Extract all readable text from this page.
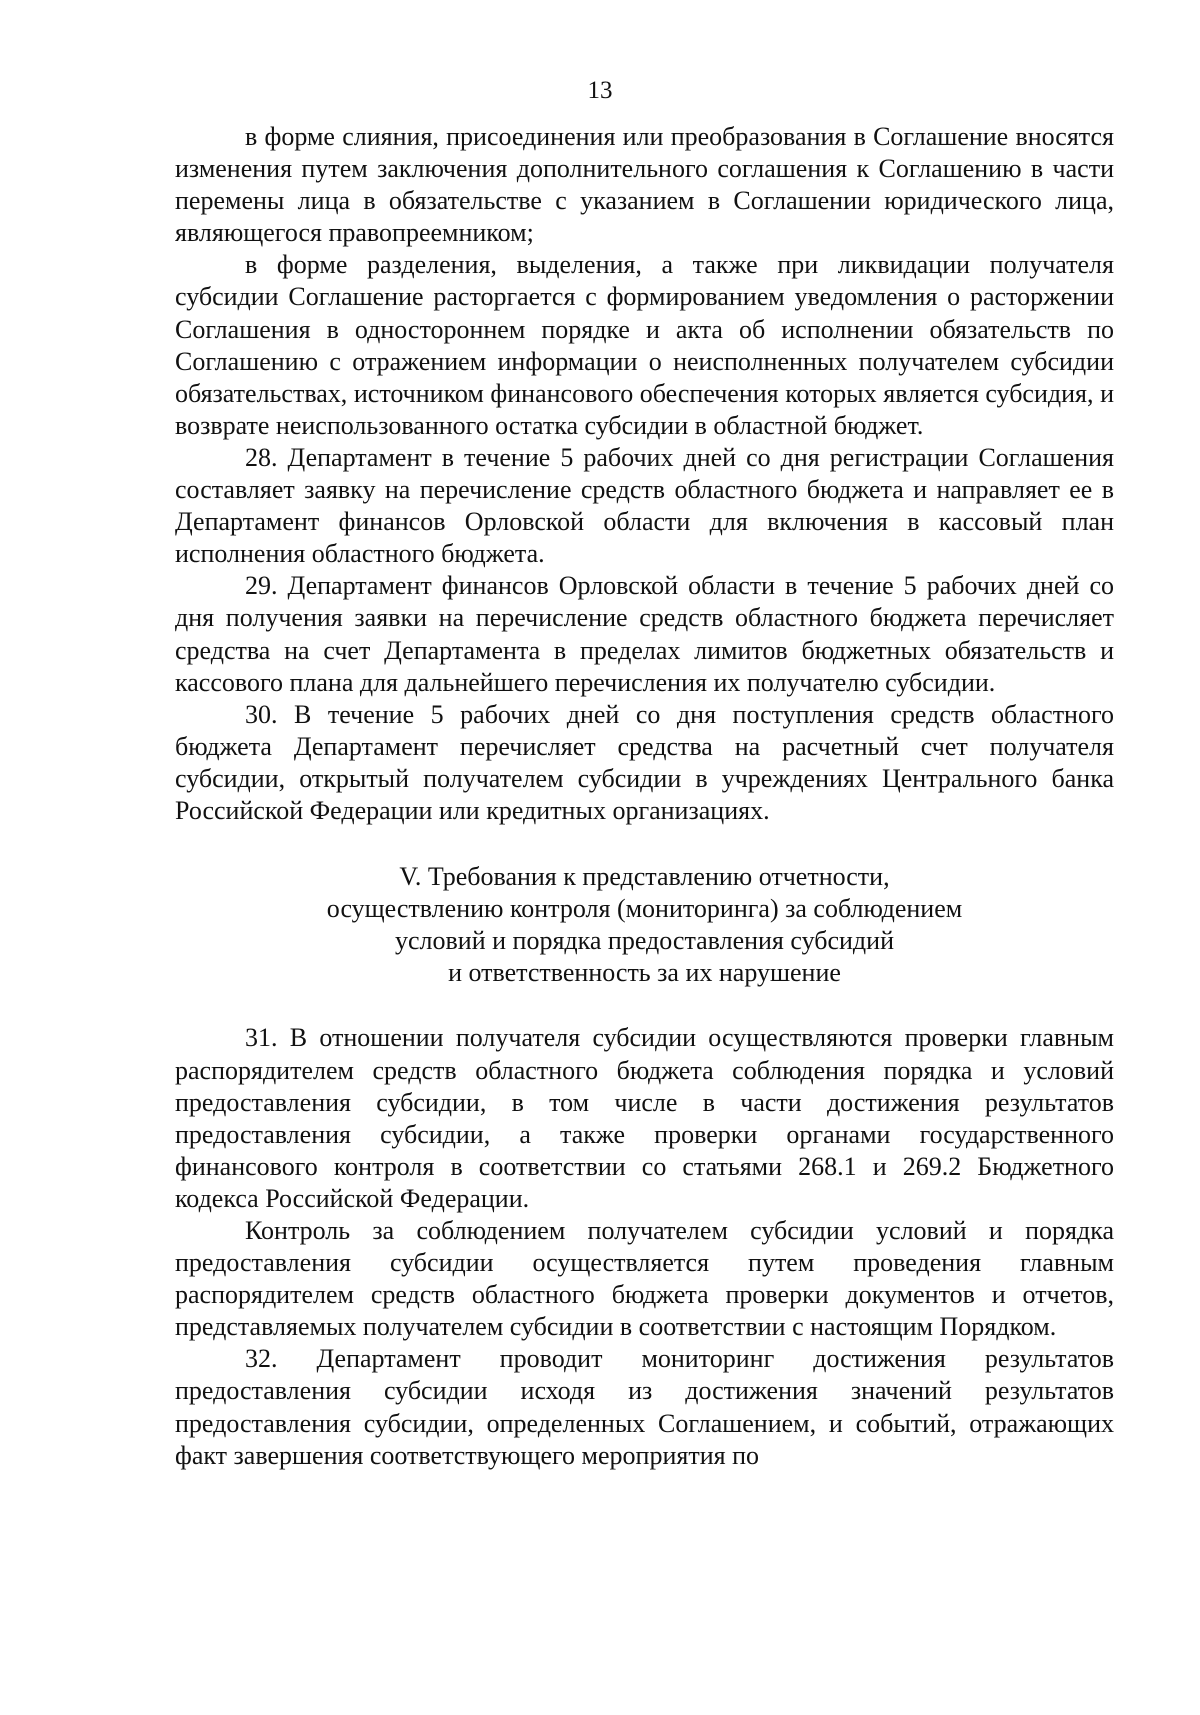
13

в форме слияния, присоединения или преобразования в Соглашение вносятся изменения путем заключения дополнительного соглашения к Соглашению в части перемены лица в обязательстве с указанием в Соглашении юридического лица, являющегося правопреемником;

в форме разделения, выделения, а также при ликвидации получателя субсидии Соглашение расторгается с формированием уведомления о расторжении Соглашения в одностороннем порядке и акта об исполнении обязательств по Соглашению с отражением информации о неисполненных получателем субсидии обязательствах, источником финансового обеспечения которых является субсидия, и возврате неиспользованного остатка субсидии в областной бюджет.

28. Департамент в течение 5 рабочих дней со дня регистрации Соглашения составляет заявку на перечисление средств областного бюджета и направляет ее в Департамент финансов Орловской области для включения в кассовый план исполнения областного бюджета.

29. Департамент финансов Орловской области в течение 5 рабочих дней со дня получения заявки на перечисление средств областного бюджета перечисляет средства на счет Департамента в пределах лимитов бюджетных обязательств и кассового плана для дальнейшего перечисления их получателю субсидии.

30. В течение 5 рабочих дней со дня поступления средств областного бюджета Департамент перечисляет средства на расчетный счет получателя субсидии, открытый получателем субсидии в учреждениях Центрального банка Российской Федерации или кредитных организациях.

V. Требования к представлению отчетности,
осуществлению контроля (мониторинга) за соблюдением
условий и порядка предоставления субсидий
и ответственность за их нарушение

31. В отношении получателя субсидии осуществляются проверки главным распорядителем средств областного бюджета соблюдения порядка и условий предоставления субсидии, в том числе в части достижения результатов предоставления субсидии, а также проверки органами государственного финансового контроля в соответствии со статьями 268.1 и 269.2 Бюджетного кодекса Российской Федерации.

Контроль за соблюдением получателем субсидии условий и порядка предоставления субсидии осуществляется путем проведения главным распорядителем средств областного бюджета проверки документов и отчетов, представляемых получателем субсидии в соответствии с настоящим Порядком.

32. Департамент проводит мониторинг достижения результатов предоставления субсидии исходя из достижения значений результатов предоставления субсидии, определенных Соглашением, и событий, отражающих факт завершения соответствующего мероприятия по
